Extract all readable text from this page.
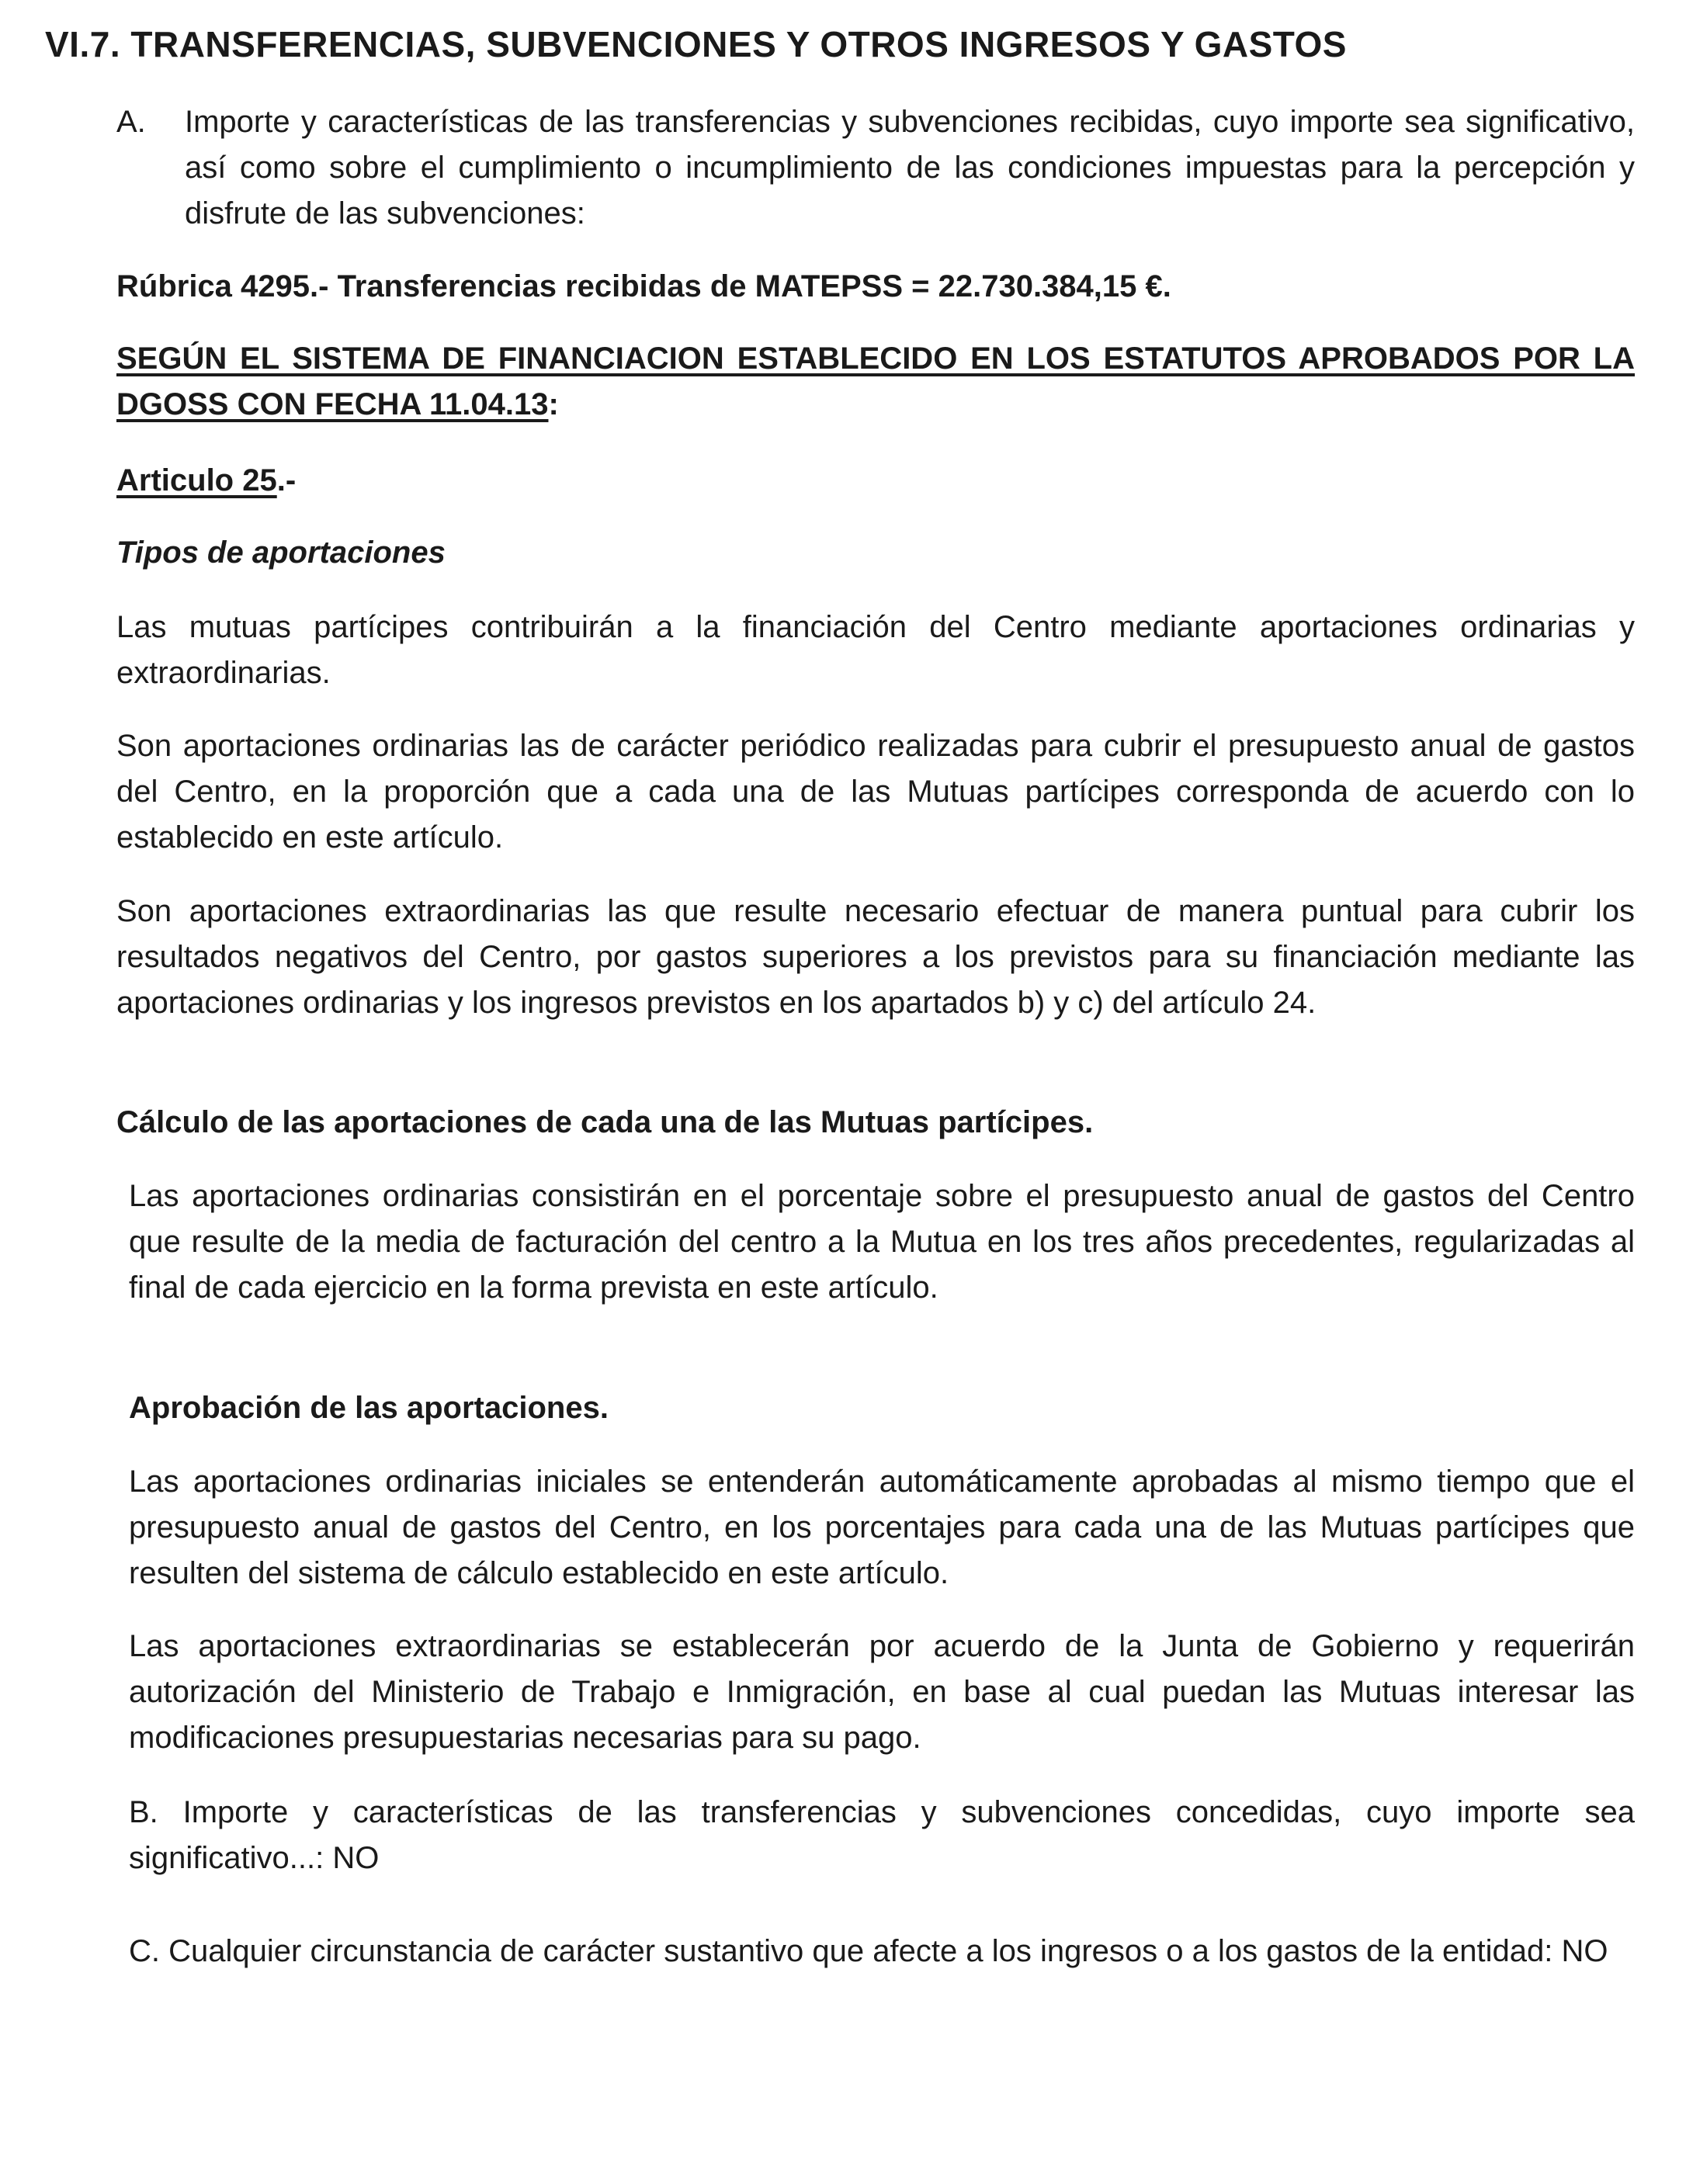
VI.7. TRANSFERENCIAS, SUBVENCIONES Y OTROS INGRESOS Y GASTOS
A.	Importe y características de las transferencias y subvenciones recibidas, cuyo importe sea significativo, así como sobre el cumplimiento o incumplimiento de las condiciones impuestas para la percepción y disfrute de las subvenciones:

Rúbrica 4295.- Transferencias recibidas de MATEPSS = 22.730.384,15 €.

SEGÚN EL SISTEMA DE FINANCIACION ESTABLECIDO EN LOS ESTATUTOS APROBADOS POR LA DGOSS CON FECHA 11.04.13:

Articulo 25.-

Tipos de aportaciones

Las mutuas partícipes contribuirán a la financiación del Centro mediante aportaciones ordinarias y extraordinarias.

Son aportaciones ordinarias las de carácter periódico realizadas para cubrir el presupuesto anual de gastos del Centro, en la proporción que a cada una de las Mutuas partícipes corresponda de acuerdo con lo establecido en este artículo.

Son aportaciones extraordinarias las que resulte necesario efectuar de manera puntual para cubrir los resultados negativos del Centro, por gastos superiores a los previstos para su financiación mediante las aportaciones ordinarias y los ingresos previstos en los apartados b) y c) del artículo 24.

Cálculo de las aportaciones de cada una de las Mutuas partícipes.

Las aportaciones ordinarias consistirán en el porcentaje sobre el presupuesto anual de gastos del Centro que resulte de la media de facturación del centro a la Mutua en los tres años precedentes, regularizadas al final de cada ejercicio en la forma prevista en este artículo.

Aprobación de las aportaciones.

Las aportaciones ordinarias iniciales se entenderán automáticamente aprobadas al mismo tiempo que el presupuesto anual de gastos del Centro, en los porcentajes para cada una de las Mutuas partícipes que resulten del sistema de cálculo establecido en este artículo.

Las aportaciones extraordinarias se establecerán por acuerdo de la Junta de Gobierno y requerirán autorización del Ministerio de Trabajo e Inmigración, en base al cual puedan las Mutuas interesar las modificaciones presupuestarias necesarias para su pago.

B. Importe y características de las transferencias y subvenciones concedidas, cuyo importe sea significativo...: NO

C. Cualquier circunstancia de carácter sustantivo que afecte a los ingresos o a los gastos de la entidad: NO
